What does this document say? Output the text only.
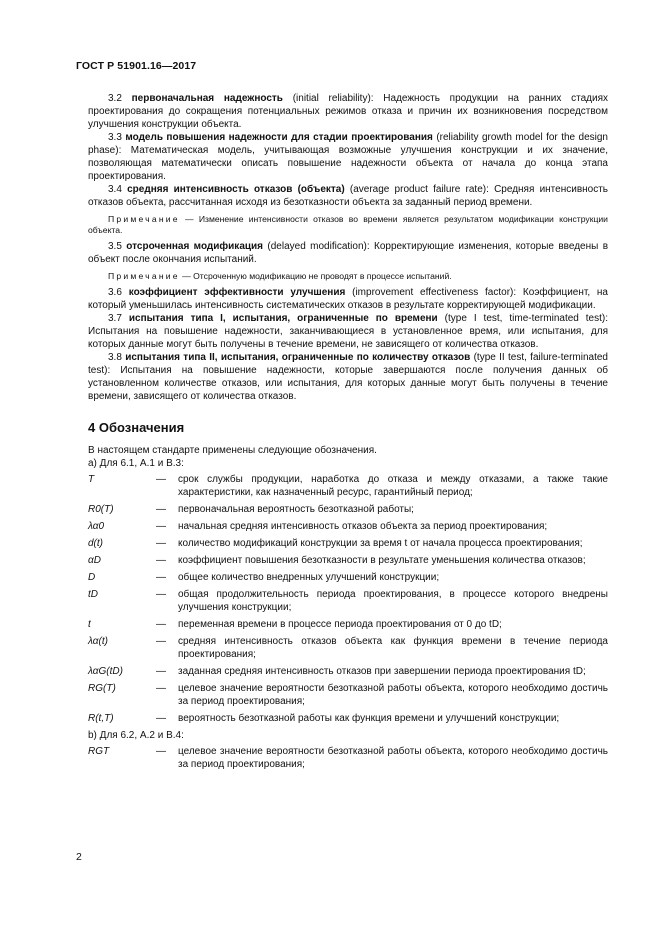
ГОСТ Р 51901.16—2017

3.2 первоначальная надежность (initial reliability): Надежность продукции на ранних стадиях проектирования до сокращения потенциальных режимов отказа и причин их возникновения посредством улучшения конструкции объекта.

3.3 модель повышения надежности для стадии проектирования (reliability growth model for the design phase): Математическая модель, учитывающая возможные улучшения конструкции и их значение, позволяющая математически описать повышение надежности объекта от начала до конца этапа проектирования.

3.4 средняя интенсивность отказов (объекта) (average product failure rate): Средняя интенсивность отказов объекта, рассчитанная исходя из безотказности объекта за заданный период времени.

Примечание — Изменение интенсивности отказов во времени является результатом модификации конструкции объекта.

3.5 отсроченная модификация (delayed modification): Корректирующие изменения, которые введены в объект после окончания испытаний.

Примечание — Отсроченную модификацию не проводят в процессе испытаний.

3.6 коэффициент эффективности улучшения (improvement effectiveness factor): Коэффициент, на который уменьшилась интенсивность систематических отказов в результате корректирующей модификации.

3.7 испытания типа I, испытания, ограниченные по времени (type I test, time-terminated test): Испытания на повышение надежности, заканчивающиеся в установленное время, или испытания, для которых данные могут быть получены в течение времени, не зависящего от количества отказов.

3.8 испытания типа II, испытания, ограниченные по количеству отказов (type II test, failure-terminated test): Испытания на повышение надежности, которые завершаются после получения данных об установленном количестве отказов, или испытания, для которых данные могут быть получены в течение времени, зависящего от количества отказов.

4 Обозначения

В настоящем стандарте применены следующие обозначения.

a) Для 6.1, А.1 и В.3:

T	—	срок службы продукции, наработка до отказа и между отказами, а также такие характеристики, как назначенный ресурс, гарантийный период;
R0(T)	—	первоначальная вероятность безотказной работы;
λα0	—	начальная средняя интенсивность отказов объекта за период проектирования;
d(t)	—	количество модификаций конструкции за время t от начала процесса проектирования;
αD	—	коэффициент повышения безотказности в результате уменьшения количества отказов;
D	—	общее количество внедренных улучшений конструкции;
tD	—	общая продолжительность периода проектирования, в процессе которого внедрены улучшения конструкции;
t	—	переменная времени в процессе периода проектирования от 0 до tD;
λα(t)	—	средняя интенсивность отказов объекта как функция времени в течение периода проектирования;
λαG(tD)	—	заданная средняя интенсивность отказов при завершении периода проектирования tD;
RG(T)	—	целевое значение вероятности безотказной работы объекта, которого необходимо достичь за период проектирования;
R(t,T)	—	вероятность безотказной работы как функция времени и улучшений конструкции;

b) Для 6.2, А.2 и В.4:

RGT	—	целевое значение вероятности безотказной работы объекта, которого необходимо достичь за период проектирования;
2
